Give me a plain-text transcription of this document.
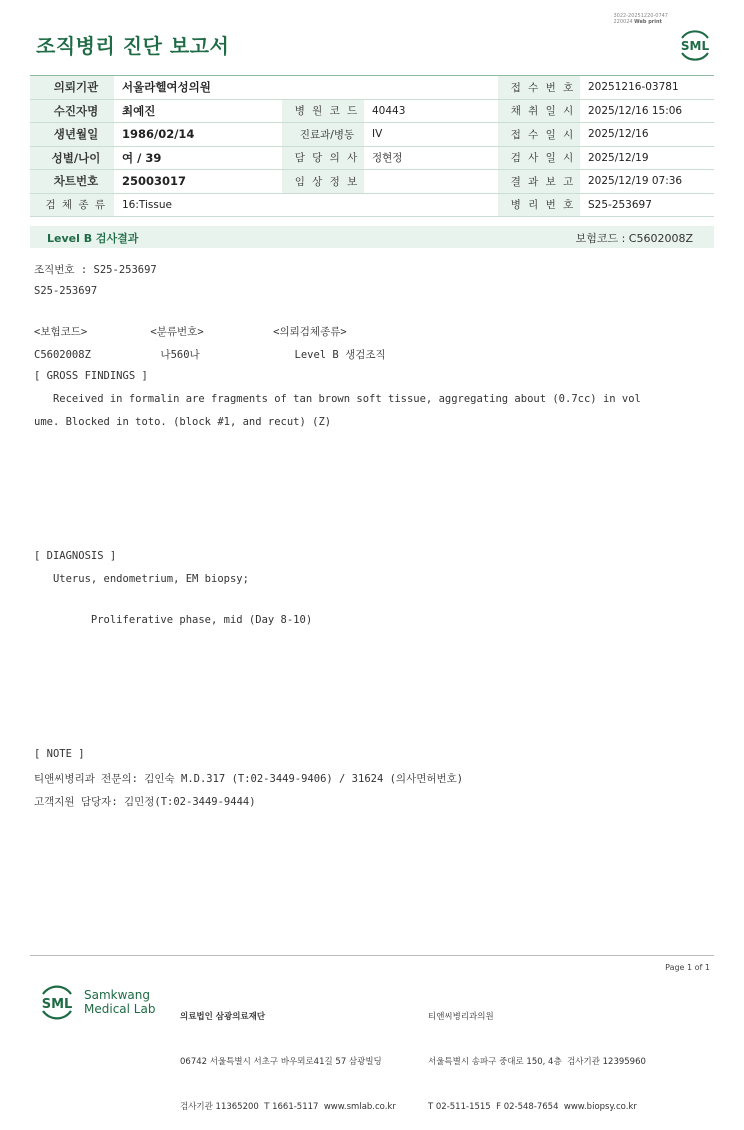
3022-20251220-0747
220024 Web print
조직병리 진단 보고서	SML
의뢰기관	서울라헬여성의원			접 수 번 호	20251216-03781
수진자명	최예진	병 원 코 드	40443	채 취 일 시	2025/12/16 15:06
생년월일	1986/02/14	진료과/병동	IV	접 수 일 시	2025/12/16
성별/나이	여 / 39	담 당 의 사	정현정	검 사 일 시	2025/12/19
차트번호	25003017	임 상 정 보		결 과 보 고	2025/12/19 07:36
검 체 종 류	16:Tissue			병 리 번 호	S25-253697
Level B 검사결과	보험코드 : C5602008Z
조직번호 : S25-253697
S25-253697
<보험코드>          <분류번호>           <의뢰검체종류>
C5602008Z           나560나               Level B 생검조직
[ GROSS FINDINGS ]
Received in formalin are fragments of tan brown soft tissue, aggregating about (0.7cc) in vol
ume. Blocked in toto. (block #1, and recut) (Z)
[ DIAGNOSIS ]
Uterus, endometrium, EM biopsy;
Proliferative phase, mid (Day 8-10)
[ NOTE ]
티앤씨병리과 전문의: 김인숙 M.D.317 (T:02-3449-9406) / 31624 (의사면허번호)
고객지원 담당자: 김민정(T:02-3449-9444)
Page 1 of 1
SML
Samkwang
Medical Lab

의료법인 삼광의료재단

06742 서울특별시 서초구 바우뫼로41길 57 삼광빌딩

검사기관 11365200  T 1661-5117  www.smlab.co.kr

티앤씨병리과의원

서울특별시 송파구 중대로 150, 4층  검사기관 12395960

T 02-511-1515  F 02-548-7654  www.biopsy.co.kr
